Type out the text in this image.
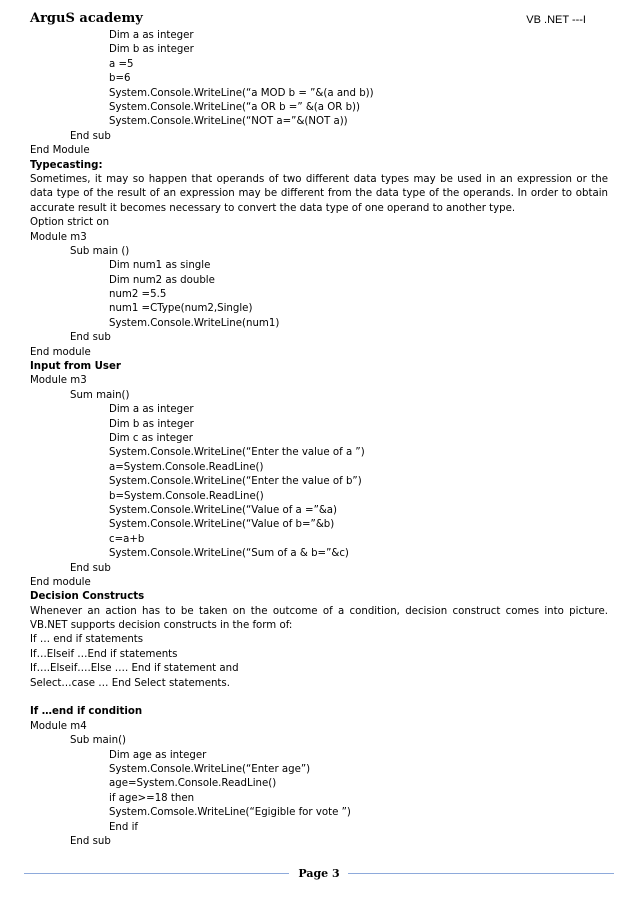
ArguS academy	VB .NET ---I
Dim a as integer
Dim b as integer
a =5
b=6
System.Console.WriteLine(“a MOD b = ”&(a and b))
System.Console.WriteLine(“a OR b =” &(a OR b))
System.Console.WriteLine(“NOT a=”&(NOT a))
End sub
End Module
Typecasting:
Sometimes, it may so happen that operands of two different data types may be used in an expression or the data type of the result of an expression may be different from the data type of the operands. In order to obtain accurate result it becomes necessary to convert the data type of one operand to another type.
Option strict on
Module m3
Sub main ()
Dim num1 as single
Dim num2 as double
num2 =5.5
num1 =CType(num2,Single)
System.Console.WriteLine(num1)
End sub
End module
Input from User
Module m3
Sum main()
Dim a as integer
Dim b as integer
Dim c as integer
System.Console.WriteLine(“Enter the value of a ”)
a=System.Console.ReadLine()
System.Console.WriteLine(“Enter the value of b”)
b=System.Console.ReadLine()
System.Console.WriteLine(“Value of a =”&a)
System.Console.WriteLine(“Value of b=”&b)
c=a+b
System.Console.WriteLine(“Sum of a & b=”&c)
End sub
End module
Decision Constructs
Whenever an action has to be taken on the outcome of a condition, decision construct comes into picture. VB.NET supports decision constructs in the form of:
If … end if statements
If…Elseif …End if statements
If….Elseif….Else …. End if statement and
Select…case … End Select statements.
If …end if condition
Module m4
Sub main()
Dim age as integer
System.Console.WriteLine(“Enter age”)
age=System.Console.ReadLine()
if age>=18 then
System.Comsole.WriteLine(“Egigible for vote ”)
End if
End sub
Page 3
